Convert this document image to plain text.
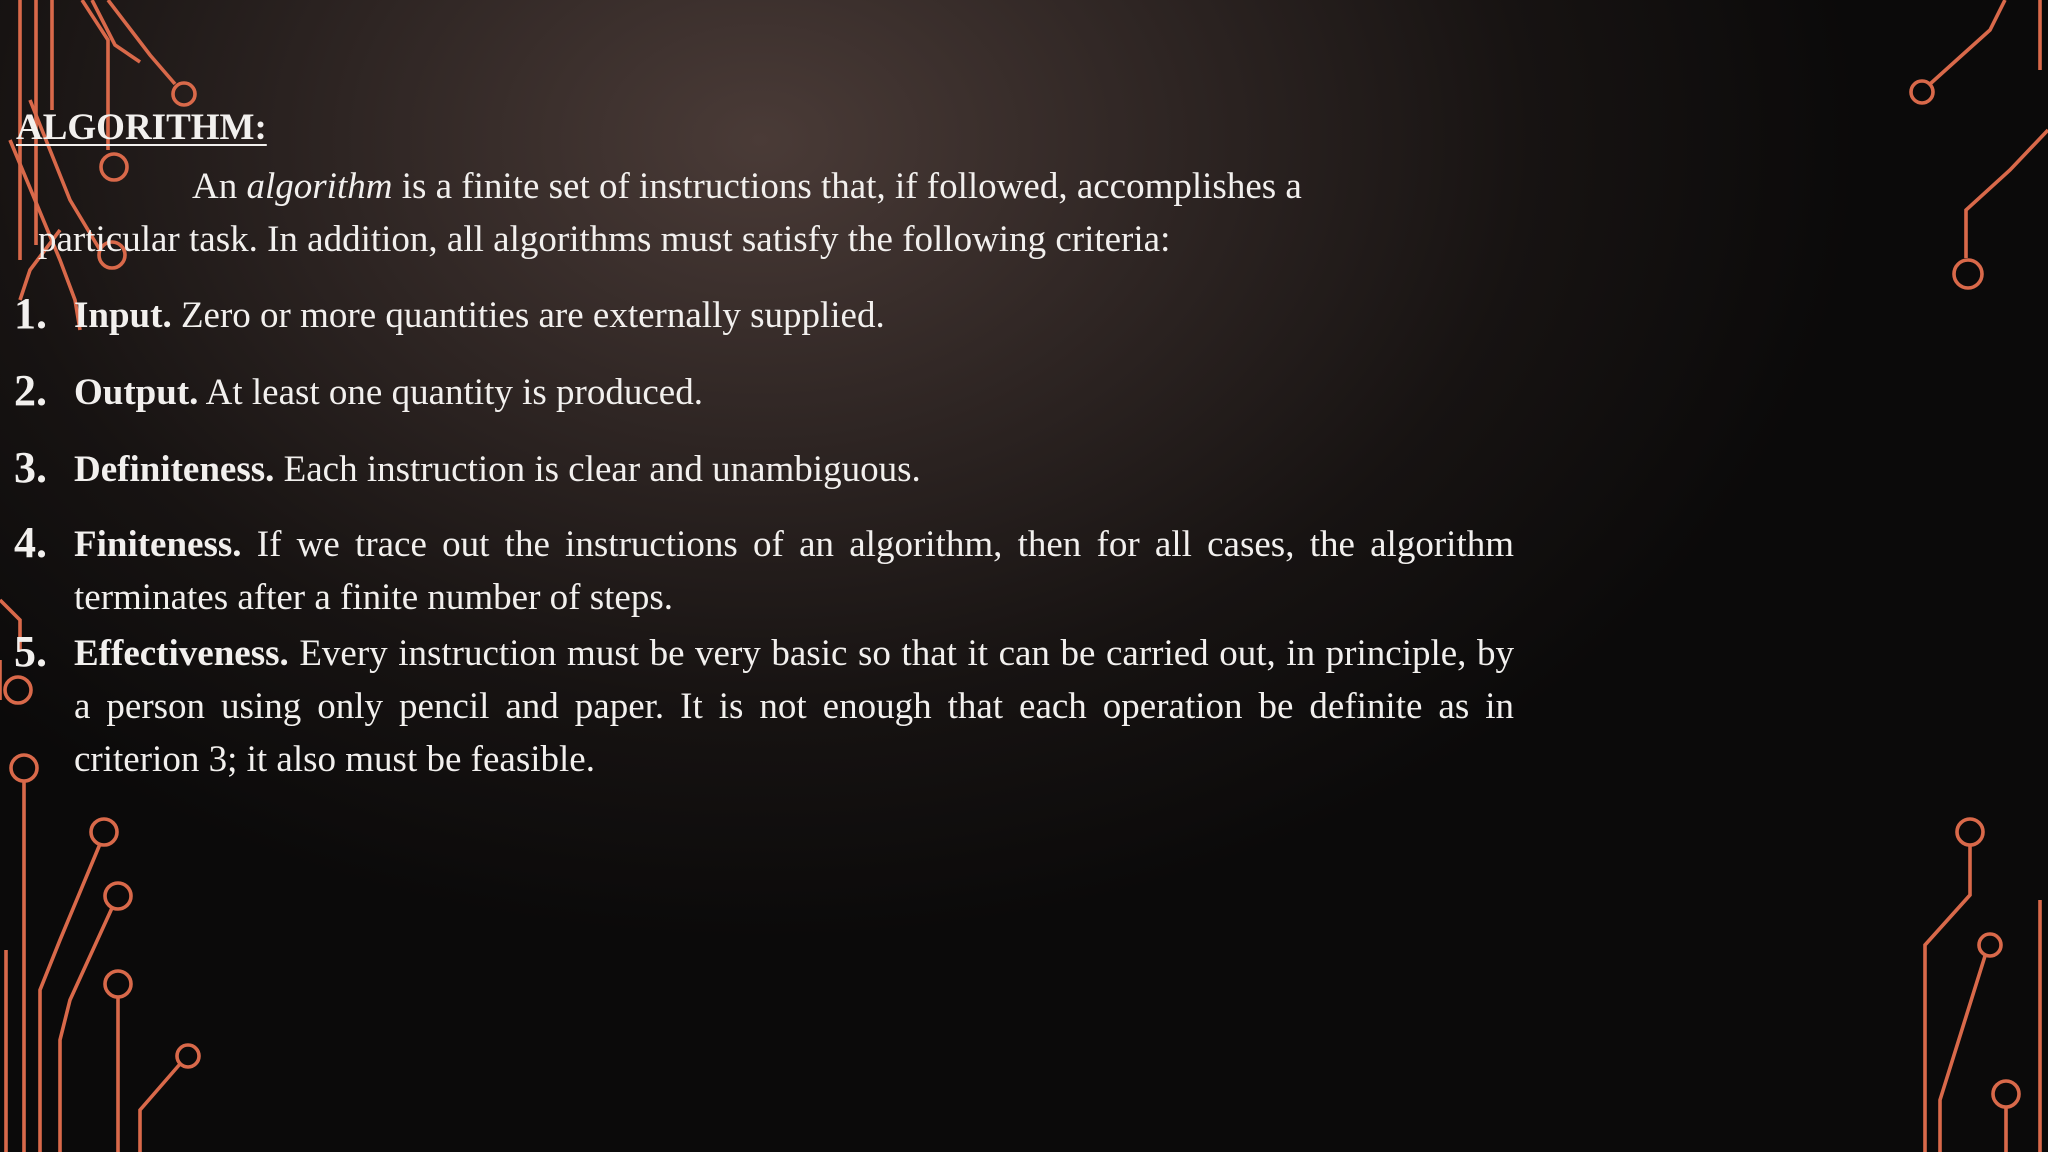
ALGORITHM:

An algorithm is a finite set of instructions that, if followed, accomplishes a particular task. In addition, all algorithms must satisfy the following criteria:

1. Input. Zero or more quantities are externally supplied.
2. Output. At least one quantity is produced.
3. Definiteness. Each instruction is clear and unambiguous.
4. Finiteness. If we trace out the instructions of an algorithm, then for all cases, the algorithm terminates after a finite number of steps.
5. Effectiveness. Every instruction must be very basic so that it can be carried out, in principle, by a person using only pencil and paper. It is not enough that each operation be definite as in criterion 3; it also must be feasible.
